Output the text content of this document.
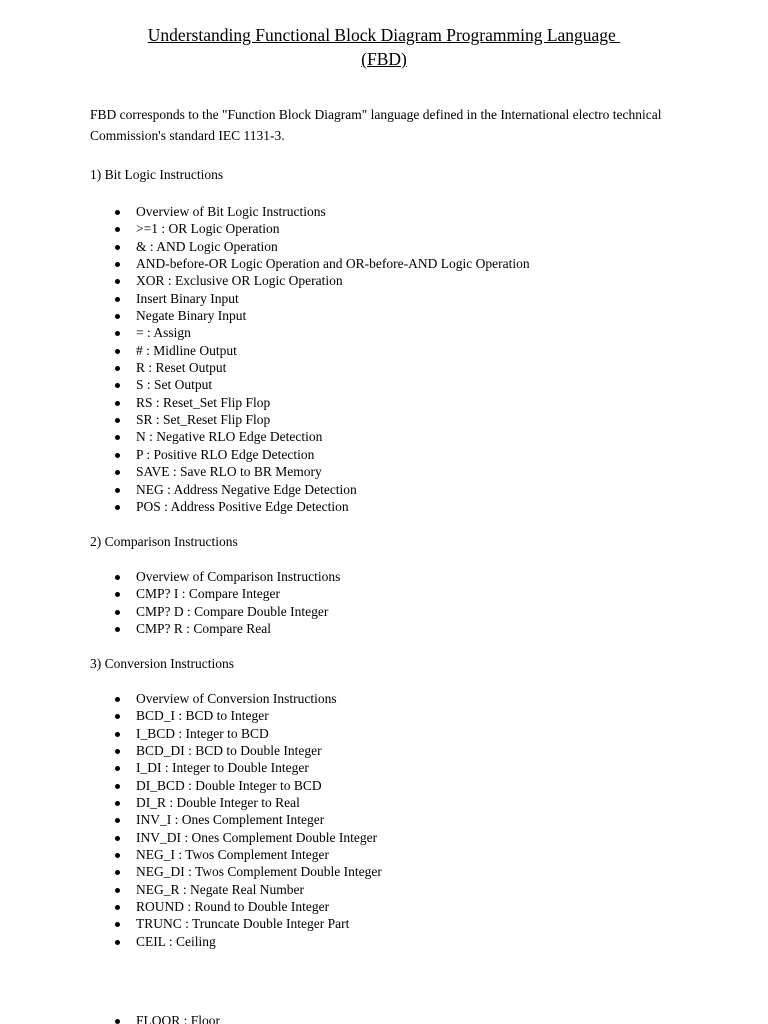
Understanding Functional Block Diagram Programming Language
(FBD)

FBD corresponds to the "Function Block Diagram" language defined in the International electro technical Commission's standard IEC 1131-3.

1) Bit Logic Instructions

Overview of Bit Logic Instructions
>=1 : OR Logic Operation
& : AND Logic Operation
AND-before-OR Logic Operation and OR-before-AND Logic Operation
XOR : Exclusive OR Logic Operation
Insert Binary Input
Negate Binary Input
= : Assign
# : Midline Output
R : Reset Output
S : Set Output
RS : Reset_Set Flip Flop
SR : Set_Reset Flip Flop
N : Negative RLO Edge Detection
P : Positive RLO Edge Detection
SAVE : Save RLO to BR Memory
NEG : Address Negative Edge Detection
POS : Address Positive Edge Detection

2) Comparison Instructions

Overview of Comparison Instructions
CMP? I : Compare Integer
CMP? D : Compare Double Integer
CMP? R : Compare Real

3) Conversion Instructions

Overview of Conversion Instructions
BCD_I : BCD to Integer
I_BCD : Integer to BCD
BCD_DI : BCD to Double Integer
I_DI : Integer to Double Integer
DI_BCD : Double Integer to BCD
DI_R : Double Integer to Real
INV_I : Ones Complement Integer
INV_DI : Ones Complement Double Integer
NEG_I : Twos Complement Integer
NEG_DI : Twos Complement Double Integer
NEG_R : Negate Real Number
ROUND : Round to Double Integer
TRUNC : Truncate Double Integer Part
CEIL : Ceiling
FLOOR : Floor
